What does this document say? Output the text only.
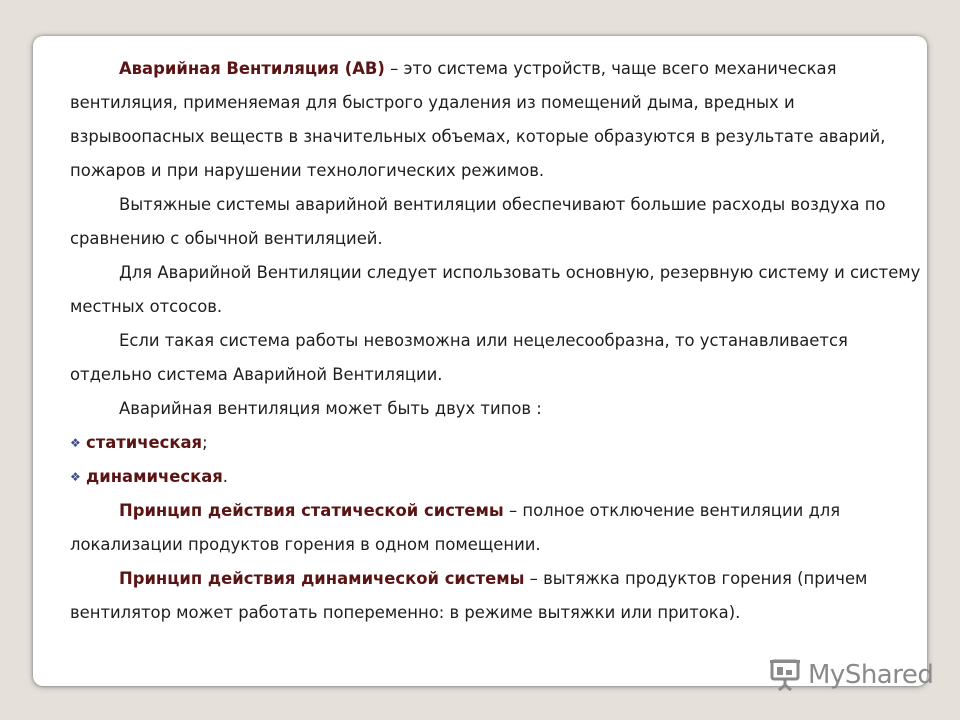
Аварийная Вентиляция (АВ) – это система устройств, чаще всего механическая вентиляция, применяемая для быстрого удаления из помещений дыма, вредных и взрывоопасных веществ в значительных объемах, которые образуются в результате аварий, пожаров и при нарушении технологических режимов.

Вытяжные системы аварийной вентиляции обеспечивают большие расходы воздуха по сравнению с обычной вентиляцией.

Для Аварийной Вентиляции следует использовать основную, резервную систему и систему местных отсосов.

Если такая система работы невозможна или нецелесообразна, то устанавливается отдельно система Аварийной Вентиляции.

Аварийная вентиляция может быть двух типов :

❖ статическая ;

❖ динамическая .

Принцип действия статической системы – полное отключение вентиляции для локализации продуктов горения в одном помещении.

Принцип действия динамической системы – вытяжка продуктов горения (причем вентилятор может работать попеременно: в режиме вытяжки или притока).

MyShared
